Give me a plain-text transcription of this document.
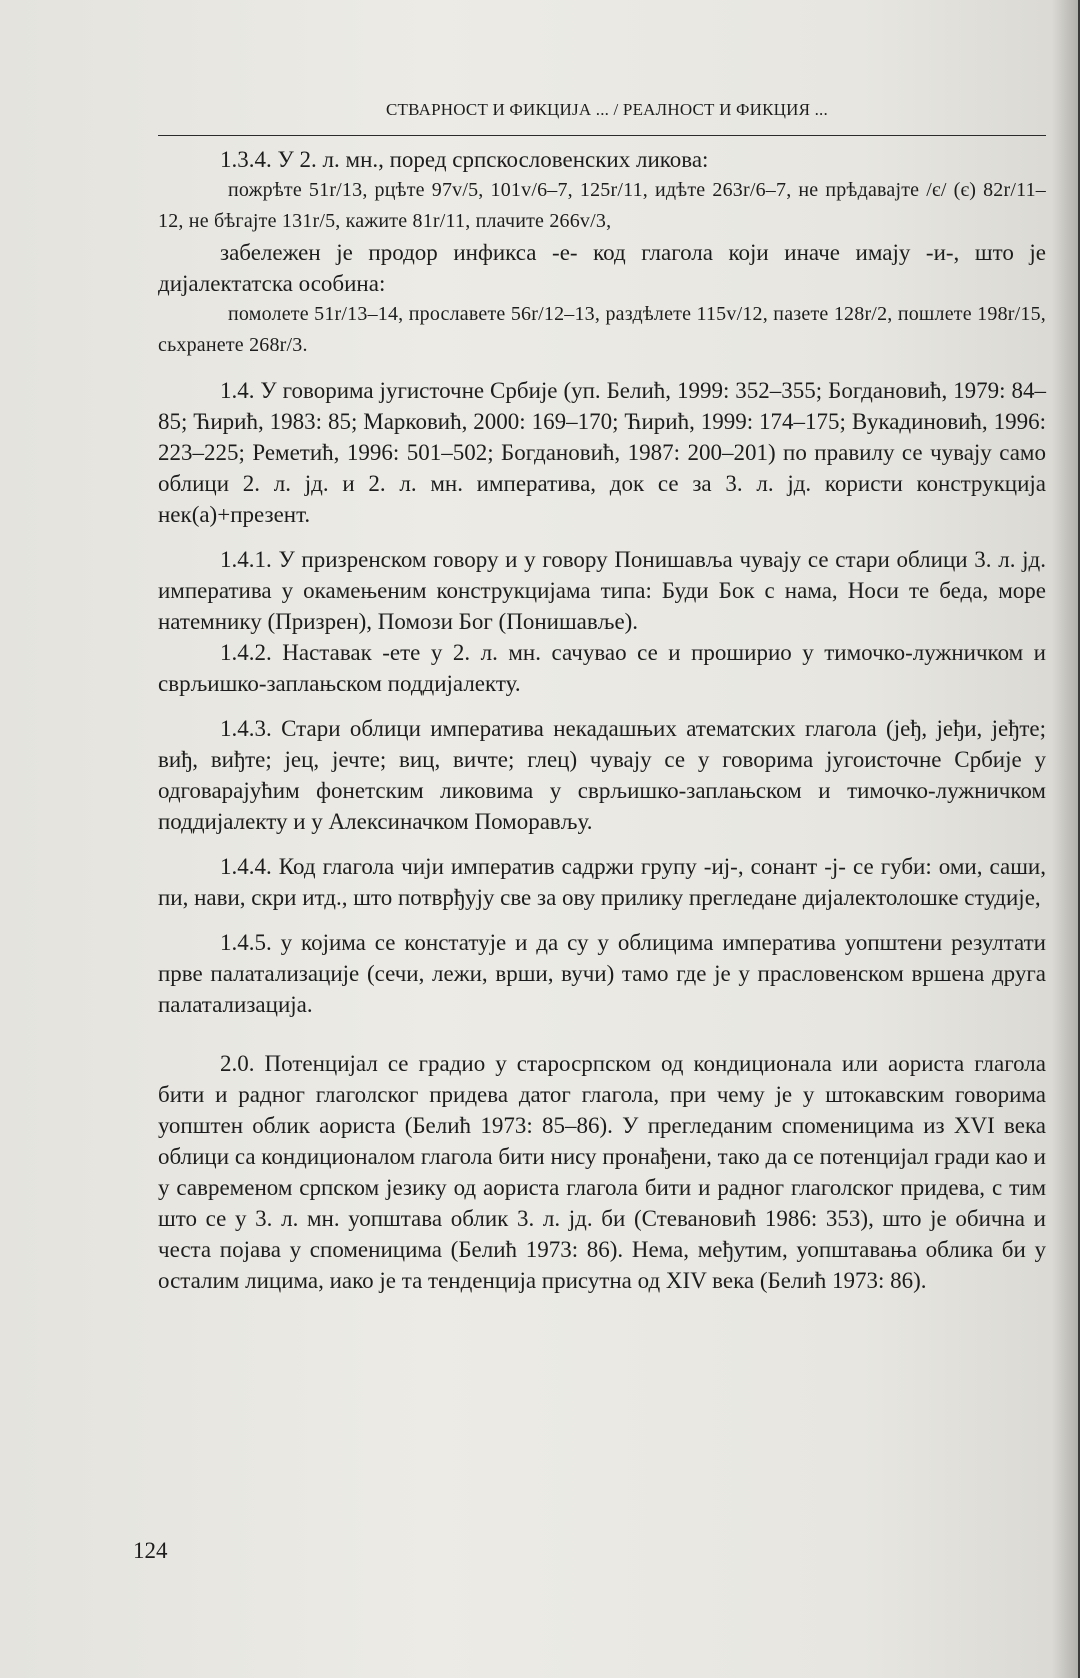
СТВАРНОСТ И ФИКЦИЈА ... / РЕАЛНОСТ И ФИКЦИЯ ...

1.3.4. У 2. л. мн., поред српскословенских ликова:

пожрѣте 51r/13, рцѣте 97v/5, 101v/6–7, 125r/11, идѣте 263r/6–7, не прѣдавајте /є/ (є) 82r/11–12, не бѣгајте 131r/5, кажите 81r/11, плачите 266v/3,

забележен је продор инфикса -е- код глагола који иначе имају -и-, што је дијалектатска особина:

помолете 51r/13–14, прославете 56r/12–13, раздѣлете 115v/12, пазете 128r/2, пошлете 198r/15, сьхранете 268r/3.

1.4. У говорима југисточне Србије (уп. Белић, 1999: 352–355; Богдановић, 1979: 84–85; Ћирић, 1983: 85; Марковић, 2000: 169–170; Ћирић, 1999: 174–175; Вукадиновић, 1996: 223–225; Реметић, 1996: 501–502; Богдановић, 1987: 200–201) по правилу се чувају само облици 2. л. јд. и 2. л. мн. императива, док се за 3. л. јд. користи конструкција нек(а)+презент.

1.4.1. У призренском говору и у говору Понишавља чувају се стари облици 3. л. јд. императива у окамењеним конструкцијама типа: Буди Бок с нама, Носи те беда, море натемнику (Призрен), Помози Бог (Понишавље).

1.4.2. Наставак -ете у 2. л. мн. сачувао се и проширио у тимочко-лужничком и сврљишко-заплањском поддијалекту.

1.4.3. Стари облици императива некадашњих атематских глагола (јеђ, јеђи, јеђте; виђ, виђте; јец, јечте; виц, вичте; глец) чувају се у говорима југоисточне Србије у одговарајућим фонетским ликовима у сврљишко-заплањском и тимочко-лужничком поддијалекту и у Алексиначком Поморављу.

1.4.4. Код глагола чији императив садржи групу -иј-, сонант -ј- се губи: оми, саши, пи, нави, скри итд., што потврђују све за ову прилику прегледане дијалектолошке студије,

1.4.5. у којима се констатује и да су у облицима императива уопштени резултати прве палатализације (сечи, лежи, врши, вучи) тамо где је у прасловенском вршена друга палатализација.

2.0. Потенцијал се градио у старосрпском од кондиционала или аориста глагола бити и радног глаголског придева датог глагола, при чему је у штокавским говорима уопштен облик аориста (Белић 1973: 85–86). У прегледаним споменицима из XVI века облици са кондиционалом глагола бити нису пронађени, тако да се потенцијал гради као и у савременом српском језику од аориста глагола бити и радног глаголског придева, с тим што се у 3. л. мн. уопштава облик 3. л. јд. би (Стевановић 1986: 353), што је обична и честа појава у споменицима (Белић 1973: 86). Нема, међутим, уопштавања облика би у осталим лицима, иако је та тенденција присутна од XIV века (Белић 1973: 86).

124
